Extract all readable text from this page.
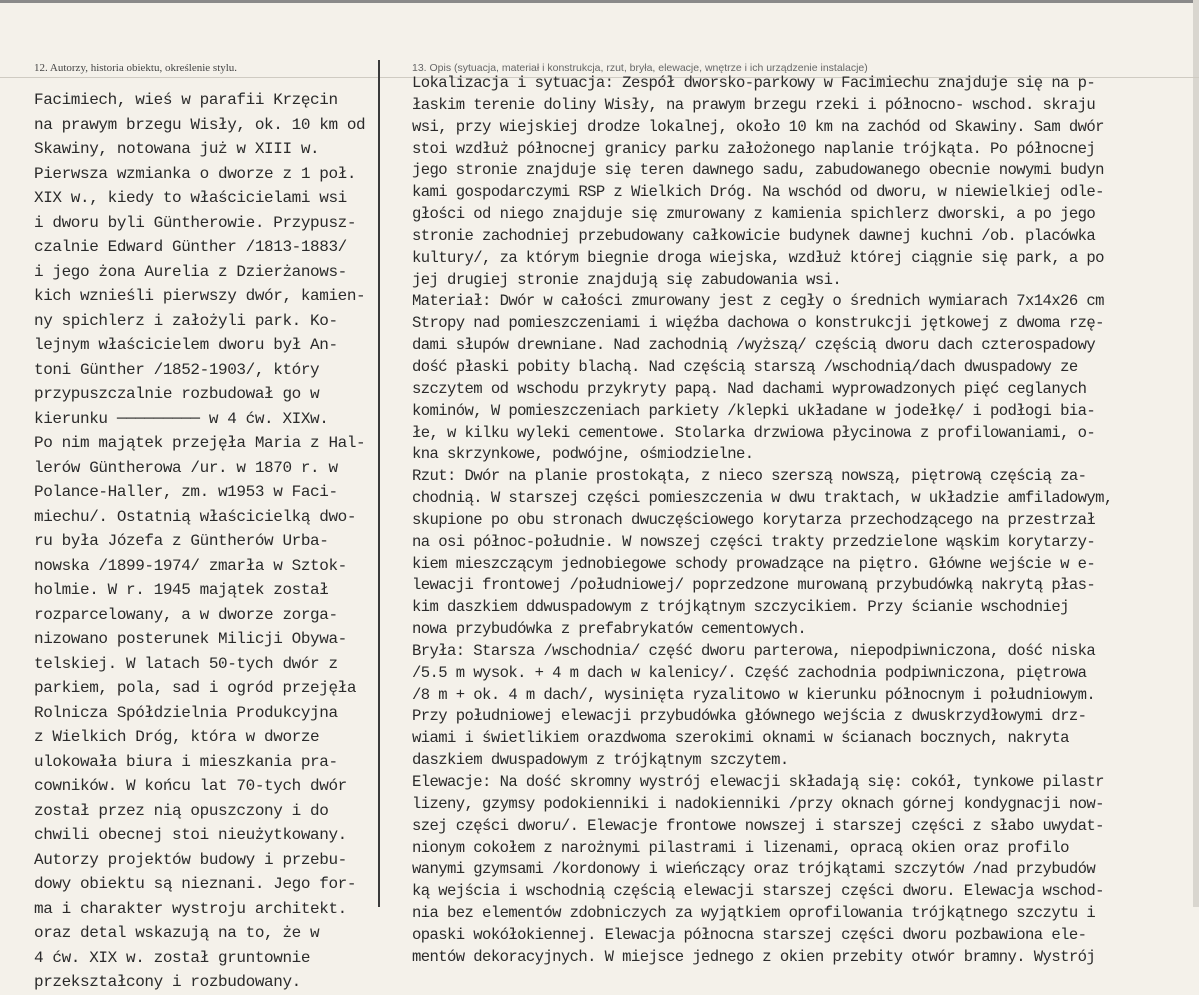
12. Autorzy, historia obiektu, określenie stylu.	13. Opis (sytuacja, materiał i konstrukcja, rzut, bryła, elewacje, wnętrze i ich urządzenie instalacje)
Facimiech, wieś w parafii Krzęcin
na prawym brzegu Wisły, ok. 10 km od
Skawiny, notowana już w XIII w.
Pierwsza wzmianka o dworze z 1 poł.
XIX w., kiedy to właścicielami wsi
i dworu byli Güntherowie. Przypusz-
czalnie Edward Günther /1813-1883/
i jego żona Aurelia z Dzierżanows-
kich wznieśli pierwszy dwór, kamien-
ny spichlerz i założyli park. Ko-
lejnym właścicielem dworu był An-
toni Günther /1852-1903/, który
przypuszczalnie rozbudował go w
kierunku ───────── w 4 ćw. XIXw.
Po nim majątek przejęła Maria z Hal-
lerów Güntherowa /ur. w 1870 r. w
Polance-Haller, zm. w1953 w Faci-
miechu/. Ostatnią właścicielką dwo-
ru była Józefa z Güntherów Urba-
nowska /1899-1974/ zmarła w Sztok-
holmie. W r. 1945 majątek został
rozparcelowany, a w dworze zorga-
nizowano posterunek Milicji Obywa-
telskiej. W latach 50-tych dwór z
parkiem, pola, sad i ogród przejęła
Rolnicza Spółdzielnia Produkcyjna
z Wielkich Dróg, która w dworze
ulokowała biura i mieszkania pra-
cowników. W końcu lat 70-tych dwór
został przez nią opuszczony i do
chwili obecnej stoi nieużytkowany.
Autorzy projektów budowy i przebu-
dowy obiektu są nieznani. Jego for-
ma i charakter wystroju architekt.
oraz detal wskazują na to, że w
4 ćw. XIX w. został gruntownie
przekształcony i rozbudowany.
Lokalizacja i sytuacja: Zespół dworsko-parkowy w Facimiechu znajduje się na p-
łaskim terenie doliny Wisły, na prawym brzegu rzeki i północno- wschod. skraju
wsi, przy wiejskiej drodze lokalnej, około 10 km na zachód od Skawiny. Sam dwór
stoi wzdłuż północnej granicy parku założonego naplanie trójkąta. Po północnej
jego stronie znajduje się teren dawnego sadu, zabudowanego obecnie nowymi budyn
kami gospodarczymi RSP z Wielkich Dróg. Na wschód od dworu, w niewielkiej odle-
głości od niego znajduje się zmurowany z kamienia spichlerz dworski, a po jego
stronie zachodniej przebudowany całkowicie budynek dawnej kuchni /ob. placówka
kultury/, za którym biegnie droga wiejska, wzdłuż której ciągnie się park, a po
jej drugiej stronie znajdują się zabudowania wsi.
Materiał: Dwór w całości zmurowany jest z cegły o średnich wymiarach 7x14x26 cm
Stropy nad pomieszczeniami i więźba dachowa o konstrukcji jętkowej z dwoma rzę-
dami słupów drewniane. Nad zachodnią /wyższą/ częścią dworu dach czterospadowy
dość płaski pobity blachą. Nad częścią starszą /wschodnią/dach dwuspadowy ze
szczytem od wschodu przykryty papą. Nad dachami wyprowadzonych pięć ceglanych
kominów, W pomieszczeniach parkiety /klepki układane w jodełkę/ i podłogi bia-
łe, w kilku wyleki cementowe. Stolarka drzwiowa płycinowa z profilowaniami, o-
kna skrzynkowe, podwójne, ośmiodzielne.
Rzut: Dwór na planie prostokąta, z nieco szerszą nowszą, piętrową częścią za-
chodnią. W starszej części pomieszczenia w dwu traktach, w układzie amfiladowym,
skupione po obu stronach dwuczęściowego korytarza przechodzącego na przestrzał
na osi północ-południe. W nowszej części trakty przedzielone wąskim korytarzy-
kiem mieszczącym jednobiegowe schody prowadzące na piętro. Główne wejście w e-
lewacji frontowej /południowej/ poprzedzone murowaną przybudówką nakrytą płas-
kim daszkiem ddwuspadowym z trójkątnym szczycikiem. Przy ścianie wschodniej
nowa przybudówka z prefabrykatów cementowych.
Bryła: Starsza /wschodnia/ część dworu parterowa, niepodpiwniczona, dość niska
/5.5 m wysok. + 4 m dach w kalenicy/. Część zachodnia podpiwniczona, piętrowa
/8 m + ok. 4 m dach/, wysinięta ryzalitowo w kierunku północnym i południowym.
Przy południowej elewacji przybudówka głównego wejścia z dwuskrzydłowymi drz-
wiami i świetlikiem orazdwoma szerokimi oknami w ścianach bocznych, nakryta
daszkiem dwuspadowym z trójkątnym szczytem.
Elewacje: Na dość skromny wystrój elewacji składają się: cokół, tynkowe pilastr
lizeny, gzymsy podokienniki i nadokienniki /przy oknach górnej kondygnacji now-
szej części dworu/. Elewacje frontowe nowszej i starszej części z słabo uwydat-
nionym cokołem z narożnymi pilastrami i lizenami, opracą okien oraz profilo
wanymi gzymsami /kordonowy i wieńczący oraz trójkątami szczytów /nad przybudów
ką wejścia i wschodnią częścią elewacji starszej części dworu. Elewacja wschod-
nia bez elementów zdobniczych za wyjątkiem oprofilowania trójkątnego szczytu i
opaski wokółokiennej. Elewacja północna starszej części dworu pozbawiona ele-
mentów dekoracyjnych. W miejsce jednego z okien przebity otwór bramny. Wystrój
